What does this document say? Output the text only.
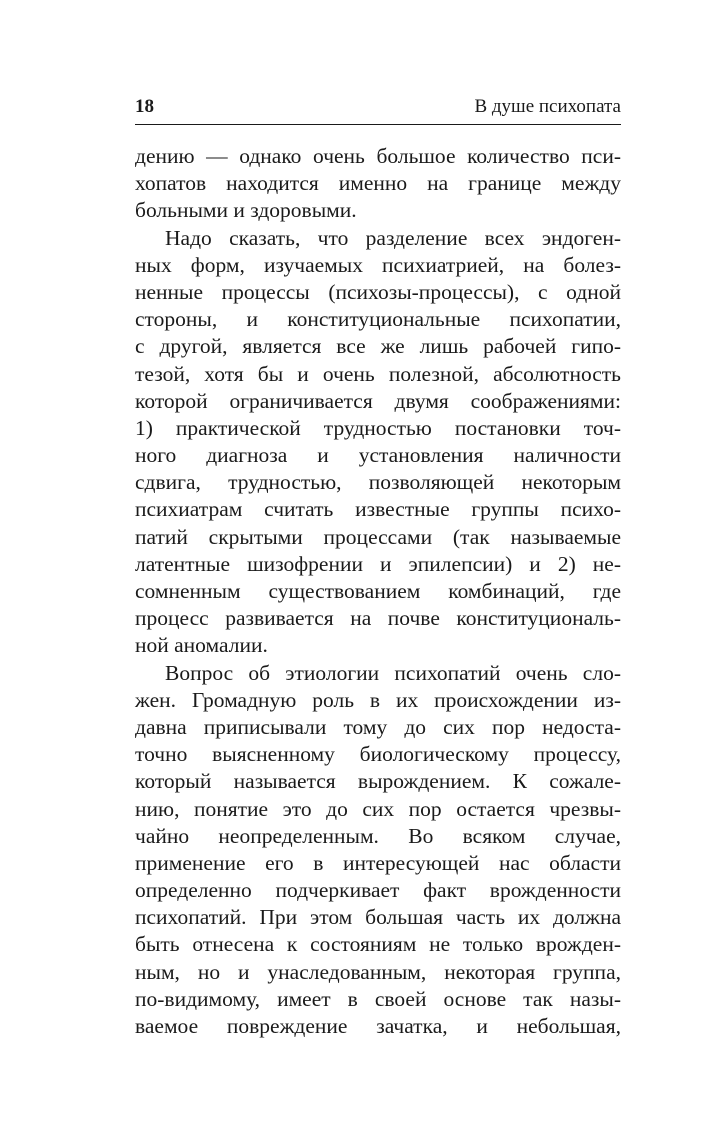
18	В душе психопата
дению — однако очень большое количество пси-
хопатов находится именно на границе между
больными и здоровыми.
Надо сказать, что разделение всех эндоген-
ных форм, изучаемых психиатрией, на болез-
ненные процессы (психозы-процессы), с одной
стороны, и конституциональные психопатии,
с другой, является все же лишь рабочей гипо-
тезой, хотя бы и очень полезной, абсолютность
которой ограничивается двумя соображениями:
1) практической трудностью постановки точ-
ного диагноза и установления наличности
сдвига, трудностью, позволяющей некоторым
психиатрам считать известные группы психо-
патий скрытыми процессами (так называемые
латентные шизофрении и эпилепсии) и 2) не-
сомненным существованием комбинаций, где
процесс развивается на почве конституциональ-
ной аномалии.
Вопрос об этиологии психопатий очень сло-
жен. Громадную роль в их происхождении из-
давна приписывали тому до сих пор недоста-
точно выясненному биологическому процессу,
который называется вырождением. К сожале-
нию, понятие это до сих пор остается чрезвы-
чайно неопределенным. Во всяком случае,
применение его в интересующей нас области
определенно подчеркивает факт врожденности
психопатий. При этом большая часть их должна
быть отнесена к состояниям не только врожден-
ным, но и унаследованным, некоторая группа,
по-видимому, имеет в своей основе так назы-
ваемое повреждение зачатка, и небольшая,
